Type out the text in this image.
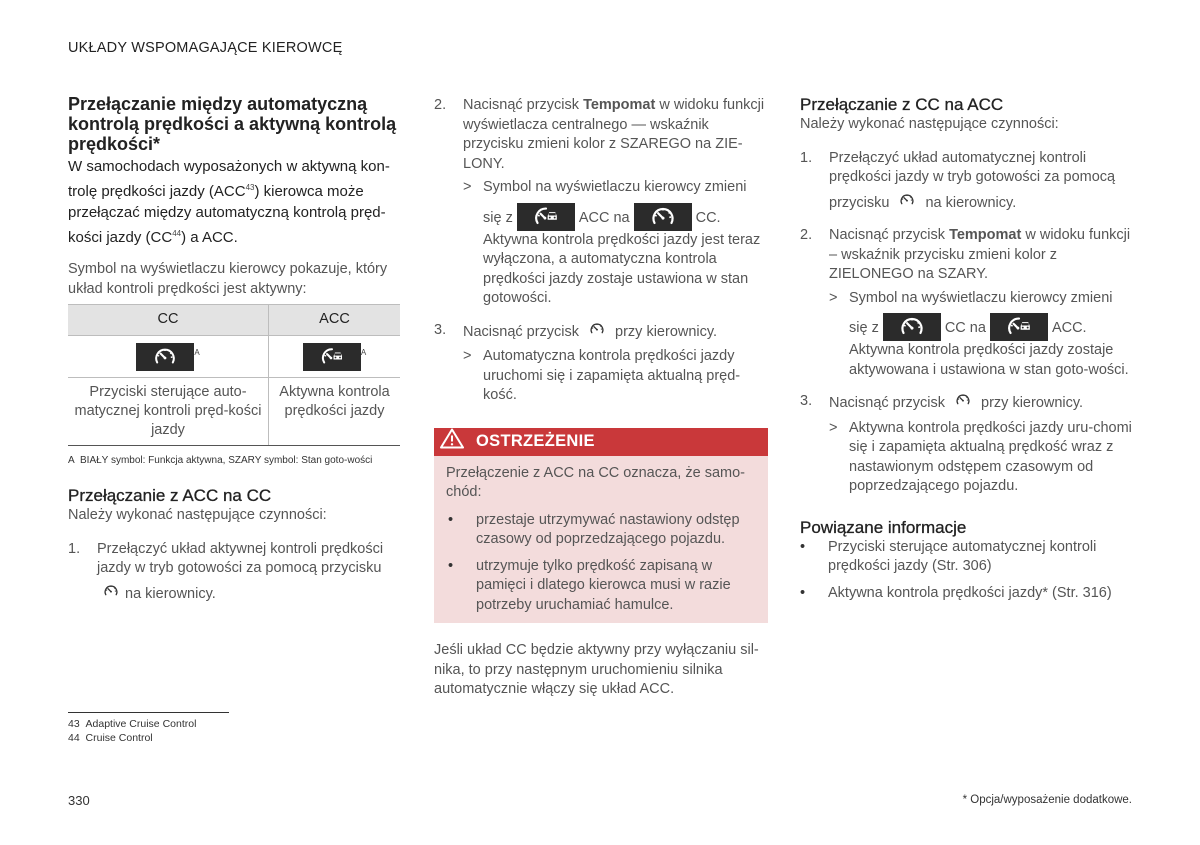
UKŁADY WSPOMAGAJĄCE KIEROWCĘ
Przełączanie między automatyczną kontrolą prędkości a aktywną kontrolą prędkości*

W samochodach wyposażonych w aktywną kon-trolę prędkości jazdy (ACC$^{43}$) kierowca może przełączać między automatyczną kontrolą pręd-kości jazdy (CC$^{44}$) a ACC.

Symbol na wyświetlaczu kierowcy pokazuje, który układ kontroli prędkości jest aktywny:

CC	ACC

$^A$	$^A$
Przyciski sterujące auto-matycznej kontroli pręd-kości jazdy	Aktywna kontrola prędkości jazdy
A BIAŁY symbol: Funkcja aktywna, SZARY symbol: Stan goto-wości
Przełączanie z ACC na CC

Należy wykonać następujące czynności:

1.	Przełączyć układ aktywnej kontroli prędkości jazdy w tryb gotowości za pomocą przycisku
na kierownicy.
2.	Nacisnąć przycisk Tempomat w widoku funkcji wyświetlacza centralnego — wskaźnik przycisku zmieni kolor z SZAREGO na ZIE-LONY.
> Symbol na wyświetlaczu kierowcy zmieni
się z	ACC na	CC.
Aktywna kontrola prędkości jazdy jest teraz wyłączona, a automatyczna kontrola prędkości jazdy zostaje ustawiona w stan gotowości.
3.	Nacisnąć przycisk przy kierownicy.
> Automatyczna kontrola prędkości jazdy uruchomi się i zapamięta aktualną pręd-kość.
OSTRZEŻENIE

Przełączenie z ACC na CC oznacza, że samo-chód:

•	przestaje utrzymywać nastawiony odstęp czasowy od poprzedzającego pojazdu.
•	utrzymuje tylko prędkość zapisaną w pamięci i dlatego kierowca musi w razie potrzeby uruchamiać hamulce.

Jeśli układ CC będzie aktywny przy wyłączaniu sil-nika, to przy następnym uruchomieniu silnika automatycznie włączy się układ ACC.

Przełączanie z CC na ACC

Należy wykonać następujące czynności:

1.	Przełączyć układ automatycznej kontroli prędkości jazdy w tryb gotowości za pomocą
przycisku na kierownicy.
2.	Nacisnąć przycisk Tempomat w widoku funkcji – wskaźnik przycisku zmieni kolor z ZIELONEGO na SZARY.
> Symbol na wyświetlaczu kierowcy zmieni
się z	CC na	ACC.
Aktywna kontrola prędkości jazdy zostaje aktywowana i ustawiona w stan goto-wości.
3.	Nacisnąć przycisk przy kierownicy.
> Aktywna kontrola prędkości jazdy uru-chomi się i zapamięta aktualną prędkość wraz z nastawionym odstępem czasowym od poprzedzającego pojazdu.
Powiązane informacje
•	Przyciski sterujące automatycznej kontroli prędkości jazdy (Str. 306)
•	Aktywna kontrola prędkości jazdy* (Str. 316)
43 Adaptive Cruise Control
44 Cruise Control
330	* Opcja/wyposażenie dodatkowe.
